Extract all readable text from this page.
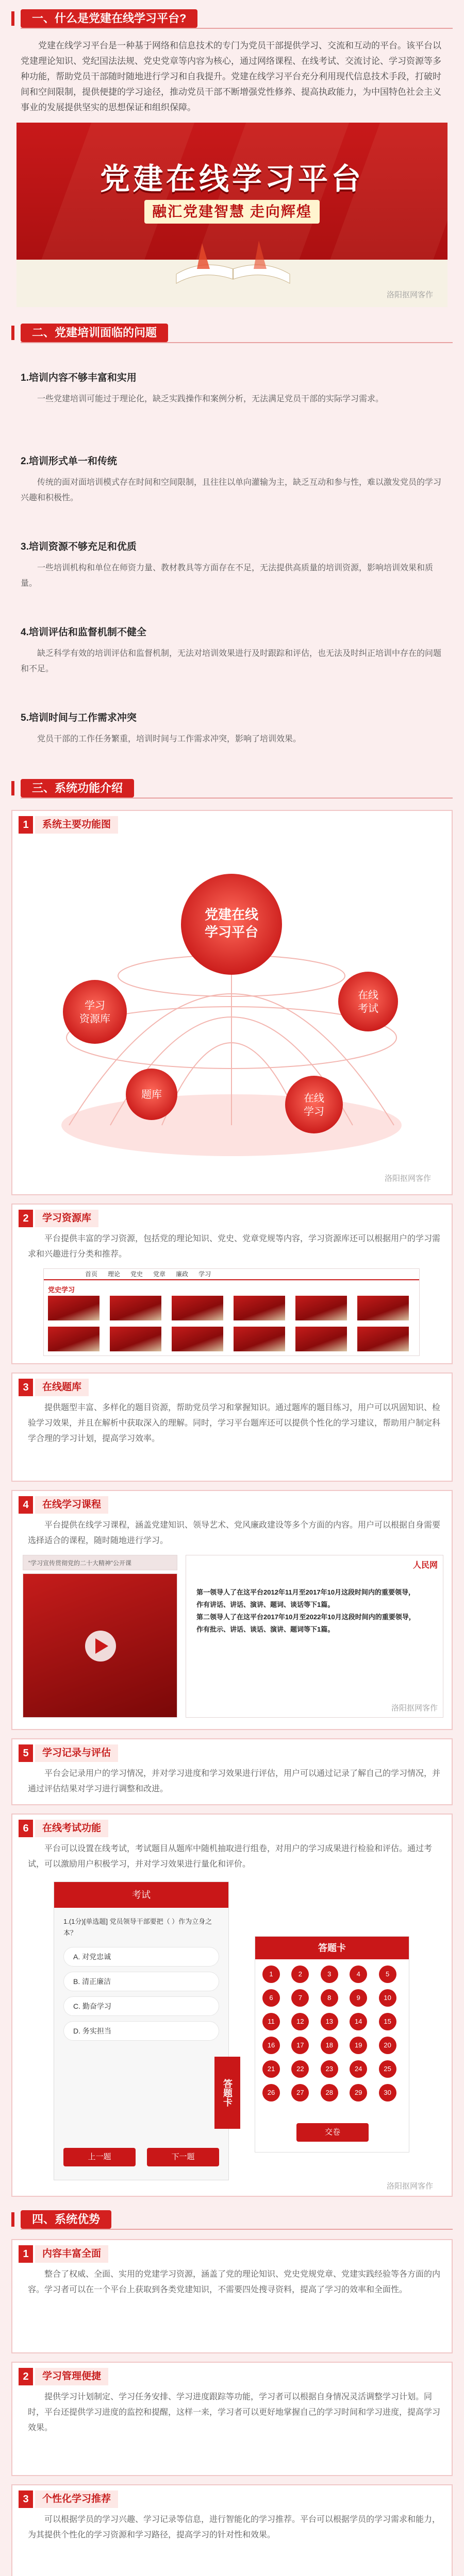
一、什么是党建在线学习平台?
党建在线学习平台是一种基于网络和信息技术的专门为党员干部提供学习、交流和互动的平台。该平台以党建理论知识、党纪国法法规、党史党章等内容为核心，通过网络课程、在线考试、交流讨论、学习资源等多种功能，帮助党员干部随时随地进行学习和自我提升。党建在线学习平台充分利用现代信息技术手段，打破时间和空间限制，提供便捷的学习途径，推动党员干部不断增强党性修养、提高执政能力，为中国特色社会主义事业的发展提供坚实的思想保证和组织保障。
党建在线学习平台
融汇党建智慧 走向辉煌
洛阳抠网客作
二、党建培训面临的问题
1.培训内容不够丰富和实用
一些党建培训可能过于理论化，缺乏实践操作和案例分析，无法满足党员干部的实际学习需求。
2.培训形式单一和传统
传统的面对面培训模式存在时间和空间限制，且往往以单向灌输为主，缺乏互动和参与性，难以激发党员的学习兴趣和积极性。
3.培训资源不够充足和优质
一些培训机构和单位在师资力量、教材教具等方面存在不足，无法提供高质量的培训资源，影响培训效果和质量。
4.培训评估和监督机制不健全
缺乏科学有效的培训评估和监督机制，无法对培训效果进行及时跟踪和评估，也无法及时纠正培训中存在的问题和不足。
5.培训时间与工作需求冲突
党员干部的工作任务繁重，培训时间与工作需求冲突，影响了培训效果。
三、系统功能介绍
1	系统主要功能图
党建在线
学习平台
学习
资源库
在线
考试
题库	在线
学习
洛阳抠网客作
2	学习资源库
平台提供丰富的学习资源，包括党的理论知识、党史、党章党规等内容，学习资源库还可以根据用户的学习需求和兴趣进行分类和推荐。
首页 理论 党史 党章 廉政 学习
党史学习
3	在线题库
提供题型丰富、多样化的题目资源，帮助党员学习和掌握知识。通过题库的题目练习，用户可以巩固知识、检验学习效果，并且在解析中获取深入的理解。同时，学习平台题库还可以提供个性化的学习建议，帮助用户制定科学合理的学习计划，提高学习效率。
4	在线学习课程
平台提供在线学习课程，涵盖党建知识、领导艺术、党风廉政建设等多个方面的内容。用户可以根据自身需要选择适合的课程，随时随地进行学习。
“学习宣传贯彻党的二十大精神”公开课	人民网
第一领导人了在这平台2012年11月至2017年10月这段时间内的重要领导，
作有讲话、讲话、演讲、题词、谈话等下1篇。
第二领导人了在这平台2017年10月至2022年10月这段时间内的重要领导，
作有批示、讲话、谈话、演讲、题词等下1篇。
洛阳抠网客作
5	学习记录与评估
平台会记录用户的学习情况，并对学习进度和学习效果进行评估，用户可以通过记录了解自己的学习情况，并通过评估结果对学习进行调整和改进。
6	在线考试功能
平台可以设置在线考试，考试题目从题库中随机抽取进行组卷，对用户的学习成果进行检验和评估。通过考试，可以激励用户积极学习，并对学习效果进行量化和评价。
考试
1.(1分)[单选题] 党员领导干部要把（ ）作为立身之本？
A. 对党忠诚
B. 清正廉洁
C. 勤奋学习
D. 务实担当
上一题	下一题
答题卡
答题卡
1	2	3	4	5
6	7	8	9	10
11	12	13	14	15
16	17	18	19	20
21	22	23	24	25
26	27	28	29	30
交卷
洛阳抠网客作
四、系统优势
1	内容丰富全面
整合了权威、全面、实用的党建学习资源，涵盖了党的理论知识、党史党规党章、党建实践经验等各方面的内容。学习者可以在一个平台上获取到各类党建知识，不需要四处搜寻资料，提高了学习的效率和全面性。
2	学习管理便捷
提供学习计划制定、学习任务安排、学习进度跟踪等功能，学习者可以根据自身情况灵活调整学习计划。同时，平台还提供学习进度的监控和提醒，这样一来，学习者可以更好地掌握自己的学习时间和学习进度，提高学习效果。
3	个性化学习推荐
可以根据学员的学习兴趣、学习记录等信息，进行智能化的学习推荐。平台可以根据学员的学习需求和能力，为其提供个性化的学习资源和学习路径，提高学习的针对性和效果。
